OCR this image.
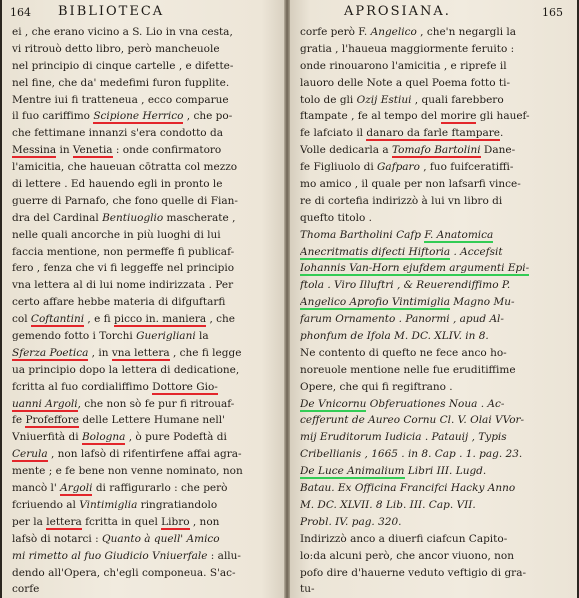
164 BIBLIOTECA
ei , che erano vicino a S. Lio in vna cesta,
vi ritrouò detto libro, però mancheuole
nel principio di cinque cartelle , e difette-
nel fine, che da' medefimi furon fupplite.
Mentre iui fi tratteneua , ecco comparue
il fuo cariffimo Scipione Herrico , che po-
che fettimane innanzi s'era condotto da
Messina in Venetia : onde confirmatoro
l'amicitia, che haueuan cōtratta col mezzo
di lettere . Ed hauendo egli in pronto le
guerre di Parnafo, che fono quelle di Fian-
dra del Cardinal Bentiuoglio mascherate ,
nelle quali ancorche in più luoghi di lui
faccia mentione, non permeffe fi publicaf-
fero , fenza che vi fi leggeffe nel principio
vna lettera al di lui nome indirizzata . Per
certo affare hebbe materia di difguftarfi
col Coftantini , e fi picco in. maniera , che
gemendo fotto i Torchi Guerigliani la
Sferza Poetica , in vna lettera , che fi legge
ua principio dopo la lettera di dedicatione,
fcritta al fuo cordialiffimo Dottore Gio-
uanni Argoli, che non sò fe pur fi ritrouaf-
fe Profeffore delle Lettere Humane nell'
Vniuerfità di Bologna , ò pure Podeftà di
Cerula , non lafsò di rifentirfene affai agra-
mente ; e fe bene non venne nominato, non
mancò l' Argoli di raffigurarlo : che però
fcriuendo al Vintimiglia ringratiandolo
per la lettera fcritta in quel Libro , non
lafsò di notarci : Quanto à quell' Amico
mi rimetto al fuo Giudicio Vniuerfale : allu-
dendo all'Opera, ch'egli componeua. S'ac-
corfe
APROSIANA.	165
corfe però F. Angelico , che'n negargli la
gratia , l'haueua maggiormente feruito :
onde rinouarono l'amicitia , e riprefe il
lauoro delle Note a quel Poema fotto ti-
tolo de gli Ozij Estiui , quali farebbero
ftampate , fe al tempo del morire gli hauef-
fe lafciato il danaro da farle ftampare.
Volle dedicarla a Tomafo Bartolini Dane-
fe Figliuolo di Gafparo , fuo fuifceratiffi-
mo amico , il quale per non lafsarfi vince-
re di cortefia indirizzò à lui vn libro di
quefto titolo .
Thoma Bartholini Cafp F. Anatomica
Anecritmatis difecti Hiftoria . Accefsit
Iohannis Van-Horn ejufdem argumenti Epi-
ftola . Viro Illuftri , & Reuerendiffimo P.
Angelico Aprofio Vintimiglia Magno Mu-
farum Ornamento . Panormi , apud Al-
phonfum de Ifola M. DC. XLIV. in 8.
Ne contento di quefto ne fece anco ho-
noreuole mentione nelle fue eruditiffime
Opere, che qui fi regiftrano .
De Vnicornu Obferuationes Noua . Ac-
cefferunt de Aureo Cornu Cl. V. Olai VVor-
mij Eruditorum Iudicia . Patauij , Typis
Cribellianis , 1665 . in 8. Cap . 1. pag. 23.
De Luce Animalium Libri III. Lugd.
Batau. Ex Officina Francifci Hacky Anno
M. DC. XLVII. 8 Lib. III. Cap. VII.
Probl. IV. pag. 320.
Indirizzò anco a diuerfi ciafcun Capito-
lo:da alcuni però, che ancor viuono, non
pofo dire d'hauerne veduto veftigio di gra-
tu-
